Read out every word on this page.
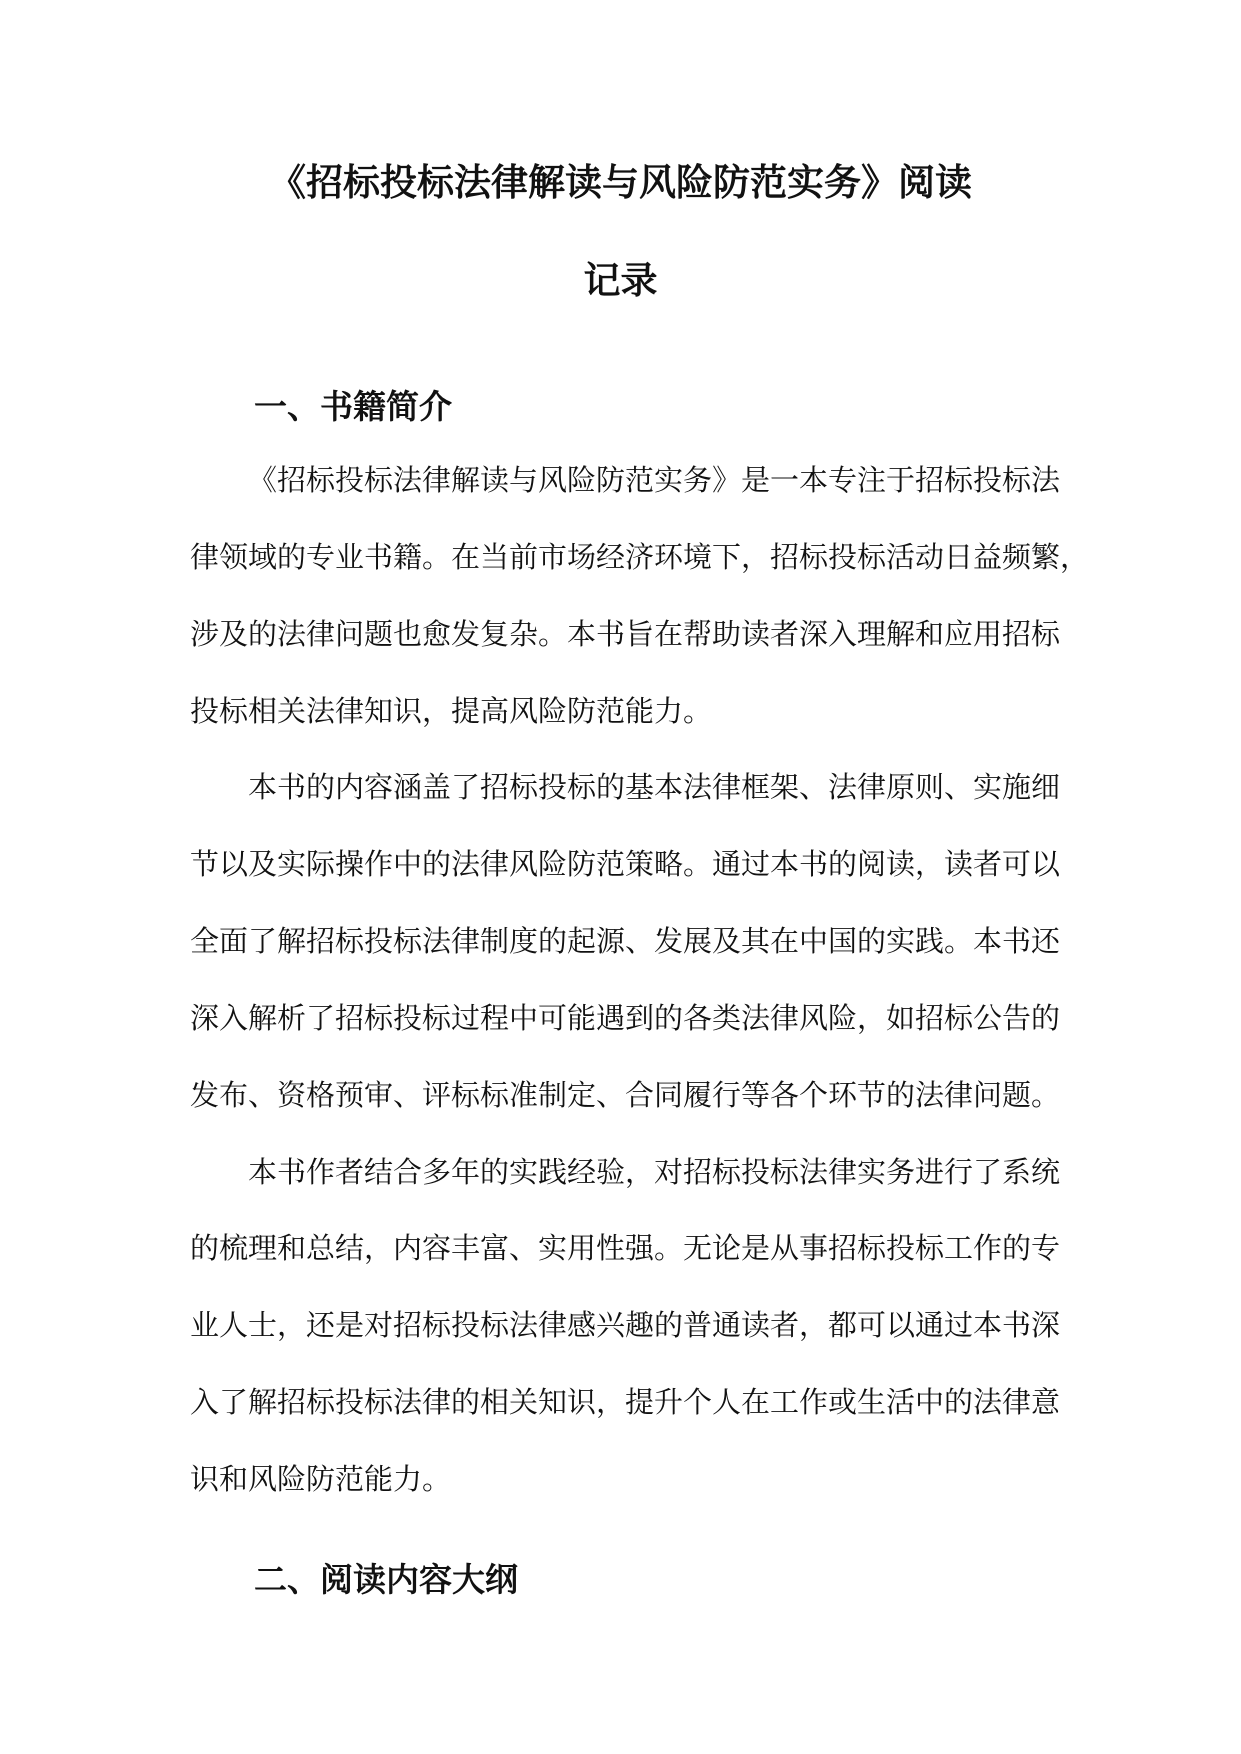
《招标投标法律解读与风险防范实务》阅读
记录
一、书籍简介
《招标投标法律解读与风险防范实务》是一本专注于招标投标法
律领域的专业书籍。在当前市场经济环境下，招标投标活动日益频繁，
涉及的法律问题也愈发复杂。本书旨在帮助读者深入理解和应用招标
投标相关法律知识，提高风险防范能力。
本书的内容涵盖了招标投标的基本法律框架、法律原则、实施细
节以及实际操作中的法律风险防范策略。通过本书的阅读，读者可以
全面了解招标投标法律制度的起源、发展及其在中国的实践。本书还
深入解析了招标投标过程中可能遇到的各类法律风险，如招标公告的
发布、资格预审、评标标准制定、合同履行等各个环节的法律问题。
本书作者结合多年的实践经验，对招标投标法律实务进行了系统
的梳理和总结，内容丰富、实用性强。无论是从事招标投标工作的专
业人士，还是对招标投标法律感兴趣的普通读者，都可以通过本书深
入了解招标投标法律的相关知识，提升个人在工作或生活中的法律意
识和风险防范能力。
二、阅读内容大纲
